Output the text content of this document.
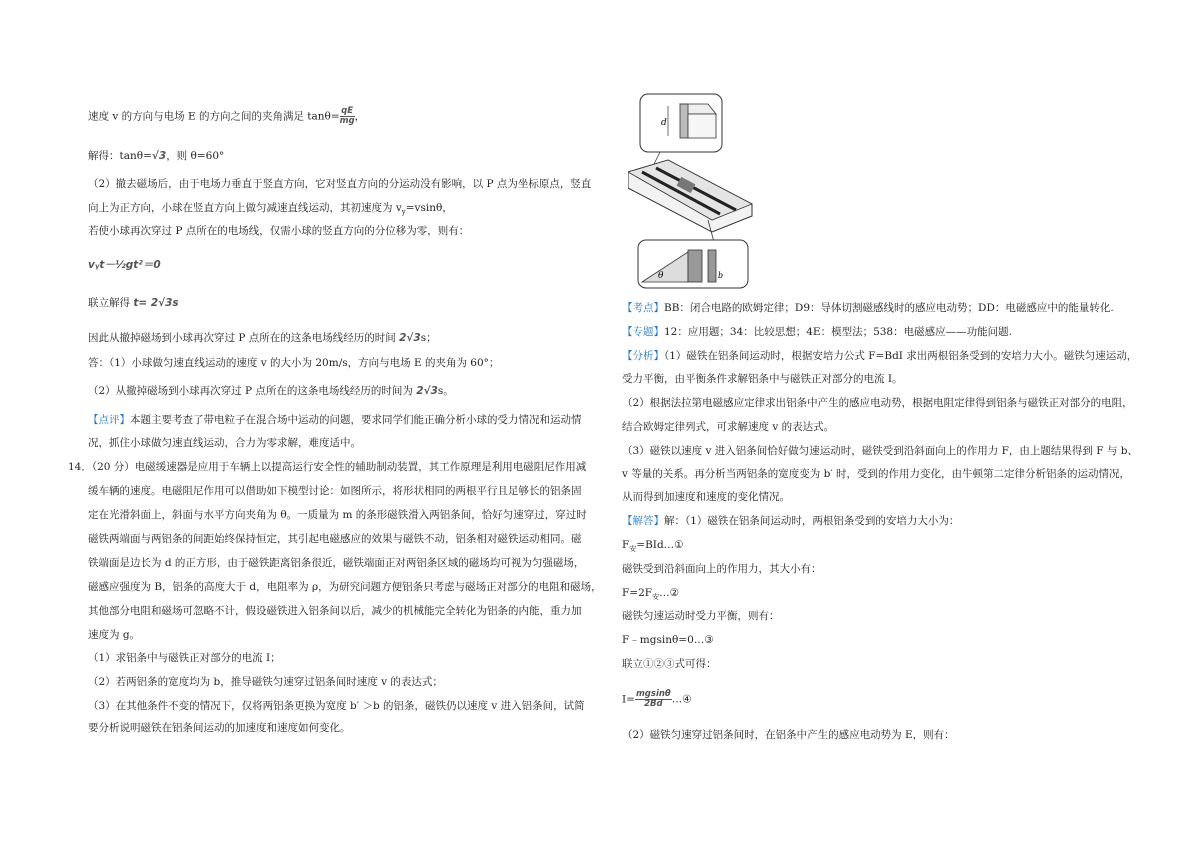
速度 v 的方向与电场 E 的方向之间的夹角满足 $\tan\theta= \frac{qE}{mg}$ ，
解得：tanθ=√3，则 θ=60°
（2）撤去磁场后，由于电场力垂直于竖直方向，它对竖直方向的分运动没有影响，以 P 点为坐标原点，竖直
向上为正方向，小球在竖直方向上做匀减速直线运动，其初速度为 $v_y=vsin\theta$，
若使小球再次穿过 P 点所在的电场线，仅需小球的竖直方向的分位移为零，则有：
vᵧt－½gt²＝0
联立解得 t= 2√3s
因此从撤掉磁场到小球再次穿过 P 点所在的这条电场线经历的时间 2√3s；
答：（1）小球做匀速直线运动的速度 v 的大小为 20m/s，方向与电场 E 的夹角为 60°；
（2）从撤掉磁场到小球再次穿过 P 点所在的这条电场线经历的时间为 2√3s。
【点评】本题主要考查了带电粒子在混合场中运动的问题，要求同学们能正确分析小球的受力情况和运动情
况，抓住小球做匀速直线运动，合力为零求解，难度适中。
14．（20 分）电磁缓速器是应用于车辆上以提高运行安全性的辅助制动装置，其工作原理是利用电磁阻尼作用减
缓车辆的速度。电磁阻尼作用可以借助如下模型讨论：如图所示，将形状相同的两根平行且足够长的铝条固
定在光滑斜面上，斜面与水平方向夹角为 θ。一质量为 m 的条形磁铁滑入两铝条间，恰好匀速穿过，穿过时
磁铁两端面与两铝条的间距始终保持恒定，其引起电磁感应的效果与磁铁不动，铝条相对磁铁运动相同。磁
铁端面是边长为 d 的正方形，由于磁铁距离铝条很近，磁铁端面正对两铝条区域的磁场均可视为匀强磁场，
磁感应强度为 B，铝条的高度大于 d，电阻率为 ρ，为研究问题方便铝条只考虑与磁场正对部分的电阻和磁场，
其他部分电阻和磁场可忽略不计，假设磁铁进入铝条间以后，减少的机械能完全转化为铝条的内能，重力加
速度为 g。
（1）求铝条中与磁铁正对部分的电流 I；
（2）若两铝条的宽度均为 b，推导磁铁匀速穿过铝条间时速度 v 的表达式；
（3）在其他条件不变的情况下，仅将两铝条更换为宽度 b′ ＞b 的铝条，磁铁仍以速度 v 进入铝条间，试简
要分析说明磁铁在铝条间运动的加速度和速度如何变化。
d
θ	b
【考点】BB：闭合电路的欧姆定律；D9：导体切割磁感线时的感应电动势；DD：电磁感应中的能量转化.
【专题】12：应用题；34：比较思想；4E：模型法；538：电磁感应——功能问题.
【分析】（1）磁铁在铝条间运动时，根据安培力公式 F=BdI 求出两根铝条受到的安培力大小。磁铁匀速运动，
受力平衡，由平衡条件求解铝条中与磁铁正对部分的电流 I。
（2）根据法拉第电磁感应定律求出铝条中产生的感应电动势，根据电阻定律得到铝条与磁铁正对部分的电阻，
结合欧姆定律列式，可求解速度 v 的表达式。
（3）磁铁以速度 v 进入铝条间恰好做匀速运动时，磁铁受到沿斜面向上的作用力 F，由上题结果得到 F 与 b、
v 等量的关系。再分析当两铝条的宽度变为 b′ 时，受到的作用力变化，由牛顿第二定律分析铝条的运动情况，
从而得到加速度和速度的变化情况。
【解答】解：（1）磁铁在铝条间运动时，两根铝条受到的安培力大小为：
$F_安=BId\dots ①$
磁铁受到沿斜面向上的作用力，其大小有：
$F=2F_安\dots ②$
磁铁匀速运动时受力平衡，则有：
F﹣mgsinθ=0…③
联立①②③式可得：
$I= \frac{mgsin\theta}{2Bd}$ …④
（2）磁铁匀速穿过铝条间时，在铝条中产生的感应电动势为 E，则有：
